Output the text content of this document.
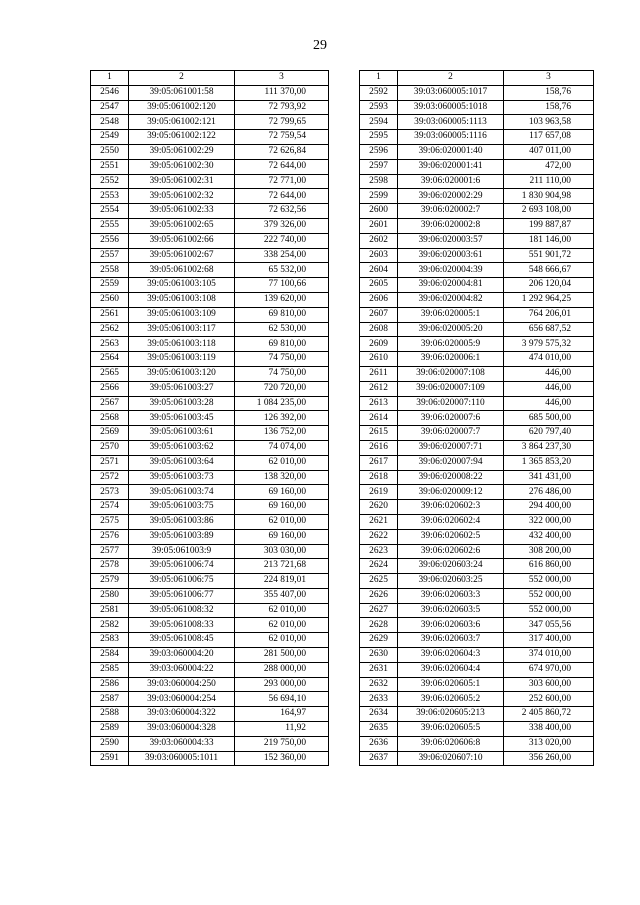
29
1	2	3
2546	39:05:061001:58	111 370,00
2547	39:05:061002:120	72 793,92
2548	39:05:061002:121	72 799,65
2549	39:05:061002:122	72 759,54
2550	39:05:061002:29	72 626,84
2551	39:05:061002:30	72 644,00
2552	39:05:061002:31	72 771,00
2553	39:05:061002:32	72 644,00
2554	39:05:061002:33	72 632,56
2555	39:05:061002:65	379 326,00
2556	39:05:061002:66	222 740,00
2557	39:05:061002:67	338 254,00
2558	39:05:061002:68	65 532,00
2559	39:05:061003:105	77 100,66
2560	39:05:061003:108	139 620,00
2561	39:05:061003:109	69 810,00
2562	39:05:061003:117	62 530,00
2563	39:05:061003:118	69 810,00
2564	39:05:061003:119	74 750,00
2565	39:05:061003:120	74 750,00
2566	39:05:061003:27	720 720,00
2567	39:05:061003:28	1 084 235,00
2568	39:05:061003:45	126 392,00
2569	39:05:061003:61	136 752,00
2570	39:05:061003:62	74 074,00
2571	39:05:061003:64	62 010,00
2572	39:05:061003:73	138 320,00
2573	39:05:061003:74	69 160,00
2574	39:05:061003:75	69 160,00
2575	39:05:061003:86	62 010,00
2576	39:05:061003:89	69 160,00
2577	39:05:061003:9	303 030,00
2578	39:05:061006:74	213 721,68
2579	39:05:061006:75	224 819,01
2580	39:05:061006:77	355 407,00
2581	39:05:061008:32	62 010,00
2582	39:05:061008:33	62 010,00
2583	39:05:061008:45	62 010,00
2584	39:03:060004:20	281 500,00
2585	39:03:060004:22	288 000,00
2586	39:03:060004:250	293 000,00
2587	39:03:060004:254	56 694,10
2588	39:03:060004:322	164,97
2589	39:03:060004:328	11,92
2590	39:03:060004:33	219 750,00
2591	39:03:060005:1011	152 360,00
1	2	3
2592	39:03:060005:1017	158,76
2593	39:03:060005:1018	158,76
2594	39:03:060005:1113	103 963,58
2595	39:03:060005:1116	117 657,08
2596	39:06:020001:40	407 011,00
2597	39:06:020001:41	472,00
2598	39:06:020001:6	211 110,00
2599	39:06:020002:29	1 830 904,98
2600	39:06:020002:7	2 693 108,00
2601	39:06:020002:8	199 887,87
2602	39:06:020003:57	181 146,00
2603	39:06:020003:61	551 901,72
2604	39:06:020004:39	548 666,67
2605	39:06:020004:81	206 120,04
2606	39:06:020004:82	1 292 964,25
2607	39:06:020005:1	764 206,01
2608	39:06:020005:20	656 687,52
2609	39:06:020005:9	3 979 575,32
2610	39:06:020006:1	474 010,00
2611	39:06:020007:108	446,00
2612	39:06:020007:109	446,00
2613	39:06:020007:110	446,00
2614	39:06:020007:6	685 500,00
2615	39:06:020007:7	620 797,40
2616	39:06:020007:71	3 864 237,30
2617	39:06:020007:94	1 365 853,20
2618	39:06:020008:22	341 431,00
2619	39:06:020009:12	276 486,00
2620	39:06:020602:3	294 400,00
2621	39:06:020602:4	322 000,00
2622	39:06:020602:5	432 400,00
2623	39:06:020602:6	308 200,00
2624	39:06:020603:24	616 860,00
2625	39:06:020603:25	552 000,00
2626	39:06:020603:3	552 000,00
2627	39:06:020603:5	552 000,00
2628	39:06:020603:6	347 055,56
2629	39:06:020603:7	317 400,00
2630	39:06:020604:3	374 010,00
2631	39:06:020604:4	674 970,00
2632	39:06:020605:1	303 600,00
2633	39:06:020605:2	252 600,00
2634	39:06:020605:213	2 405 860,72
2635	39:06:020605:5	338 400,00
2636	39:06:020606:8	313 020,00
2637	39:06:020607:10	356 260,00
